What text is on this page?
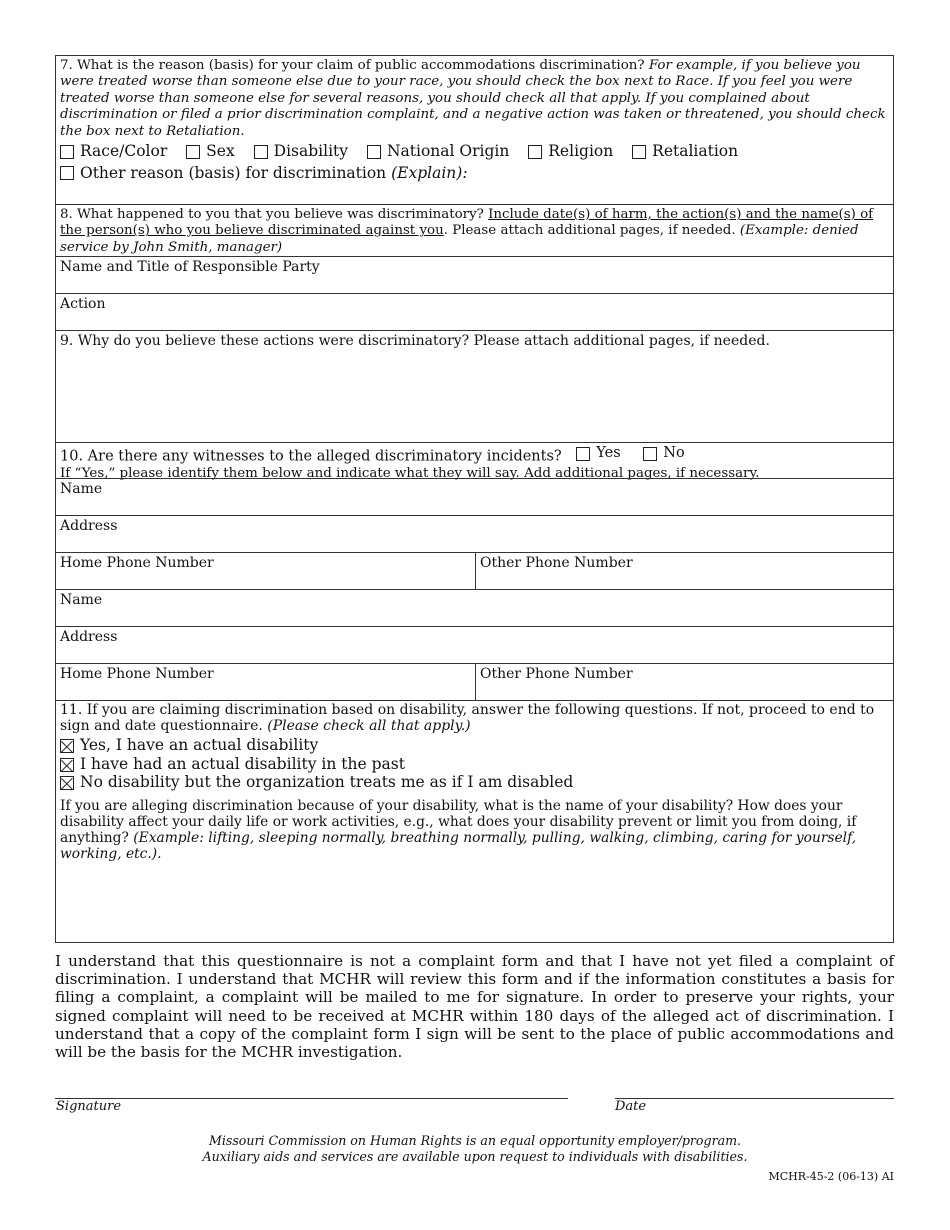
7. What is the reason (basis) for your claim of public accommodations discrimination? For example, if you believe you were treated worse than someone else due to your race, you should check the box next to Race. If you feel you were treated worse than someone else for several reasons, you should check all that apply. If you complained about discrimination or filed a prior discrimination complaint, and a negative action was taken or threatened, you should check the box next to Retaliation.
Race/Color
	Sex
	Disability
	National Origin
	Religion
	Retaliation
Other reason (basis) for discrimination
(Explain):
8. What happened to you that you believe was discriminatory? Include date(s) of harm, the action(s) and the name(s) of the person(s) who you believe discriminated against you. Please attach additional pages, if needed. (Example: denied service by John Smith, manager)
Name and Title of Responsible Party
Action
9. Why do you believe these actions were discriminatory? Please attach additional pages, if needed.
10. Are there any witnesses to the alleged discriminatory incidents? Yes
	No
If “Yes,” please identify them below and indicate what they will say. Add additional pages, if necessary.
Name
Address
Home Phone Number	Other Phone Number
Name
Address
Home Phone Number	Other Phone Number
11. If you are claiming discrimination based on disability, answer the following questions. If not, proceed to end to sign and date questionnaire. (Please check all that apply.)
Yes, I have an actual disability
I have had an actual disability in the past
No disability but the organization treats me as if I am disabled
If you are alleging discrimination because of your disability, what is the name of your disability? How does your disability affect your daily life or work activities, e.g., what does your disability prevent or limit you from doing, if anything? (Example: lifting, sleeping normally, breathing normally, pulling, walking, climbing, caring for yourself, working, etc.).
I understand that this questionnaire is not a complaint form and that I have not yet filed a complaint of discrimination. I understand that MCHR will review this form and if the information constitutes a basis for filing a complaint, a complaint will be mailed to me for signature. In order to preserve your rights, your signed complaint will need to be received at MCHR within 180 days of the alleged act of discrimination. I understand that a copy of the complaint form I sign will be sent to the place of public accommodations and will be the basis for the MCHR investigation.
Signature	Date
Missouri Commission on Human Rights is an equal opportunity employer/program.
Auxiliary aids and services are available upon request to individuals with disabilities.
MCHR-45-2 (06-13) AI
